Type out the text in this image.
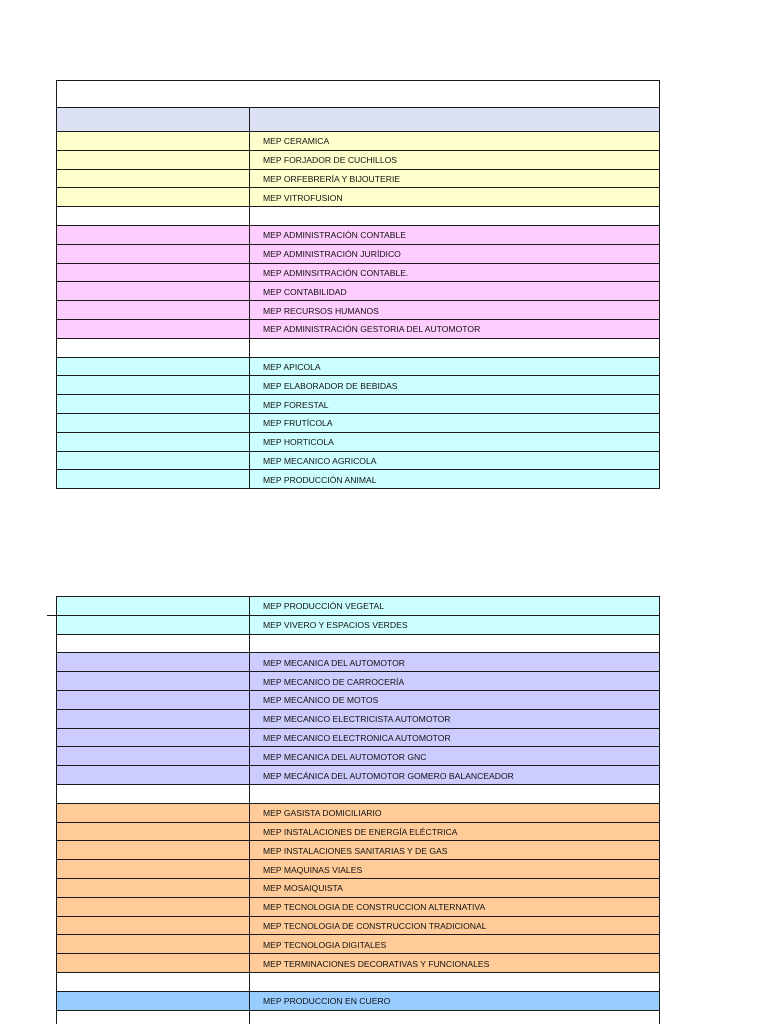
MEP CERAMICA
MEP FORJADOR DE CUCHILLOS
MEP ORFEBRERÍA Y BIJOUTERIE
MEP VITROFUSION
MEP ADMINISTRACIÓN CONTABLE
MEP ADMINISTRACIÓN JURÍDICO
MEP ADMINSITRACIÓN CONTABLE.
MEP CONTABILIDAD
MEP RECURSOS HUMANOS
MEP ADMINISTRACIÓN GESTORIA DEL AUTOMOTOR
MEP APICOLA
MEP ELABORADOR DE BEBIDAS
MEP FORESTAL
MEP FRUTÍCOLA
MEP HORTICOLA
MEP MECANICO AGRICOLA
MEP PRODUCCIÓN ANIMAL
MEP PRODUCCIÓN VEGETAL
MEP VIVERO Y ESPACIOS VERDES
MEP MECANICA DEL AUTOMOTOR
MEP MECANICO DE CARROCERÍA
MEP MECÁNICO DE MOTOS
MEP MECANICO ELECTRICISTA AUTOMOTOR
MEP MECANICO ELECTRONICA AUTOMOTOR
MEP MECANICA DEL AUTOMOTOR GNC
MEP MECÁNICA DEL AUTOMOTOR GOMERO BALANCEADOR
MEP GASISTA DOMICILIARIO
MEP INSTALACIONES DE ENERGÍA ELÉCTRICA
MEP INSTALACIONES SANITARIAS Y DE GAS
MEP MAQUINAS VIALES
MEP MOSAIQUISTA
MEP TECNOLOGIA DE CONSTRUCCION ALTERNATIVA
MEP TECNOLOGIA DE CONSTRUCCION TRADICIONAL
MEP TECNOLOGIA DIGITALES
MEP TERMINACIONES DECORATIVAS Y FUNCIONALES
MEP PRODUCCION EN CUERO
